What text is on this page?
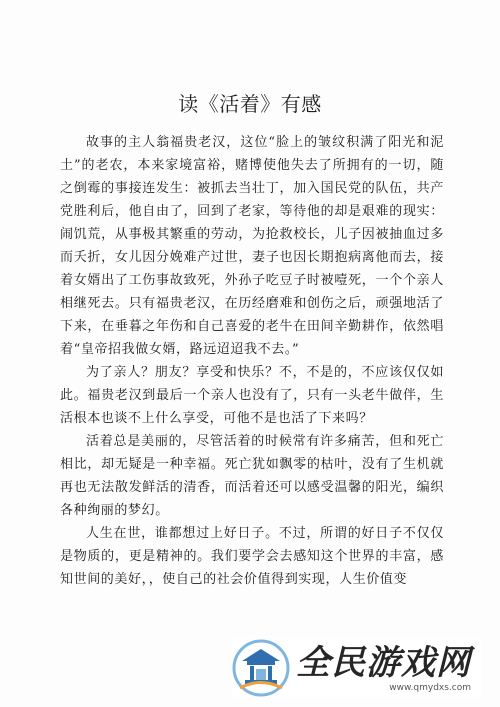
读《活着》有感

故事的主人翁福贵老汉，这位“脸上的皱纹积满了阳光和泥土”的老农，本来家境富裕，赌博使他失去了所拥有的一切，随之倒霉的事接连发生：被抓去当壮丁，加入国民党的队伍，共产党胜利后，他自由了，回到了老家，等待他的却是艰难的现实：闹饥荒，从事极其繁重的劳动，为抢救校长，儿子因被抽血过多而夭折，女儿因分娩难产过世，妻子也因长期抱病离他而去，接着女婿出了工伤事故致死，外孙子吃豆子时被噎死，一个个亲人相继死去。只有福贵老汉，在历经磨难和创伤之后，顽强地活了下来，在垂暮之年伤和自己喜爱的老牛在田间辛勤耕作，依然唱着“皇帝招我做女婿，路远迢迢我不去。”

为了亲人？朋友？享受和快乐？不，不是的，不应该仅仅如此。福贵老汉到最后一个亲人也没有了，只有一头老牛做伴，生活根本也谈不上什么享受，可他不是也活了下来吗？

活着总是美丽的，尽管活着的时候常有许多痛苦，但和死亡相比，却无疑是一种幸福。死亡犹如飘零的枯叶，没有了生机就再也无法散发鲜活的清香，而活着还可以感受温馨的阳光，编织各种绚丽的梦幻。

人生在世，谁都想过上好日子。不过，所谓的好日子不仅仅是物质的，更是精神的。我们要学会去感知这个世界的丰富，感知世间的美好，，使自己的社会价值得到实现，人生价值变

全民游戏网
www.qmydxs.com
